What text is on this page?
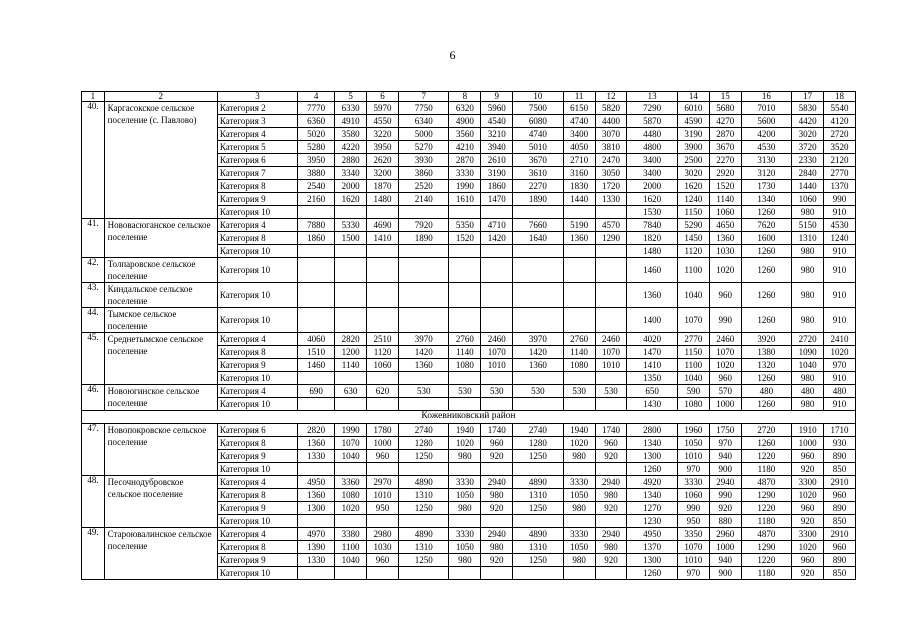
6
1	2	3	4	5	6	7	8	9	10	11	12	13	14	15	16	17	18
40.	Каргасокское сельское поселение (с. Павлово)	Категория 2	7770	6330	5970	7750	6320	5960	7500	6150	5820	7290	6010	5680	7010	5830	5540
		Категория 3	6360	4910	4550	6340	4900	4540	6080	4740	4400	5870	4590	4270	5600	4420	4120
		Категория 4	5020	3580	3220	5000	3560	3210	4740	3400	3070	4480	3190	2870	4200	3020	2720
		Категория 5	5280	4220	3950	5270	4210	3940	5010	4050	3810	4800	3900	3670	4530	3720	3520
		Категория 6	3950	2880	2620	3930	2870	2610	3670	2710	2470	3400	2500	2270	3130	2330	2120
		Категория 7	3880	3340	3200	3860	3330	3190	3610	3160	3050	3400	3020	2920	3120	2840	2770
		Категория 8	2540	2000	1870	2520	1990	1860	2270	1830	1720	2000	1620	1520	1730	1440	1370
		Категория 9	2160	1620	1480	2140	1610	1470	1890	1440	1330	1620	1240	1140	1340	1060	990
		Категория 10										1530	1150	1060	1260	980	910
41.	Нововасюганское сельское поселение	Категория 4	7880	5330	4690	7920	5350	4710	7660	5190	4570	7840	5290	4650	7620	5150	4530
		Категория 8	1860	1500	1410	1890	1520	1420	1640	1360	1290	1820	1450	1360	1600	1310	1240
		Категория 10										1480	1120	1030	1260	980	910
42.	Толпаровское сельское поселение	Категория 10										1460	1100	1020	1260	980	910
43.	Киндальское сельское поселение	Категория 10										1360	1040	960	1260	980	910
44.	Тымское сельское поселение	Категория 10										1400	1070	990	1260	980	910
45.	Среднетымское сельское поселение	Категория 4	4060	2820	2510	3970	2760	2460	3970	2760	2460	4020	2770	2460	3920	2720	2410
		Категория 8	1510	1200	1120	1420	1140	1070	1420	1140	1070	1470	1150	1070	1380	1090	1020
		Категория 9	1460	1140	1060	1360	1080	1010	1360	1080	1010	1410	1100	1020	1320	1040	970
		Категория 10										1350	1040	960	1260	980	910
46.	Новоюгинское сельское поселение	Категория 4	690	630	620	530	530	530	530	530	530	650	590	570	480	480	480
		Категория 10										1430	1080	1000	1260	980	910
Кожевниковский район																	
47.	Новопокровское сельское поселение	Категория 6	2820	1990	1780	2740	1940	1740	2740	1940	1740	2800	1960	1750	2720	1910	1710
		Категория 8	1360	1070	1000	1280	1020	960	1280	1020	960	1340	1050	970	1260	1000	930
		Категория 9	1330	1040	960	1250	980	920	1250	980	920	1300	1010	940	1220	960	890
		Категория 10										1260	970	900	1180	920	850
48.	Песочнодубровское сельское поселение	Категория 4	4950	3360	2970	4890	3330	2940	4890	3330	2940	4920	3330	2940	4870	3300	2910
		Категория 8	1360	1080	1010	1310	1050	980	1310	1050	980	1340	1060	990	1290	1020	960
		Категория 9	1300	1020	950	1250	980	920	1250	980	920	1270	990	920	1220	960	890
		Категория 10										1230	950	880	1180	920	850
49.	Староювалинское сельское поселение	Категория 4	4970	3380	2980	4890	3330	2940	4890	3330	2940	4950	3350	2960	4870	3300	2910
		Категория 8	1390	1100	1030	1310	1050	980	1310	1050	980	1370	1070	1000	1290	1020	960
		Категория 9	1330	1040	960	1250	980	920	1250	980	920	1300	1010	940	1220	960	890
		Категория 10										1260	970	900	1180	920	850
